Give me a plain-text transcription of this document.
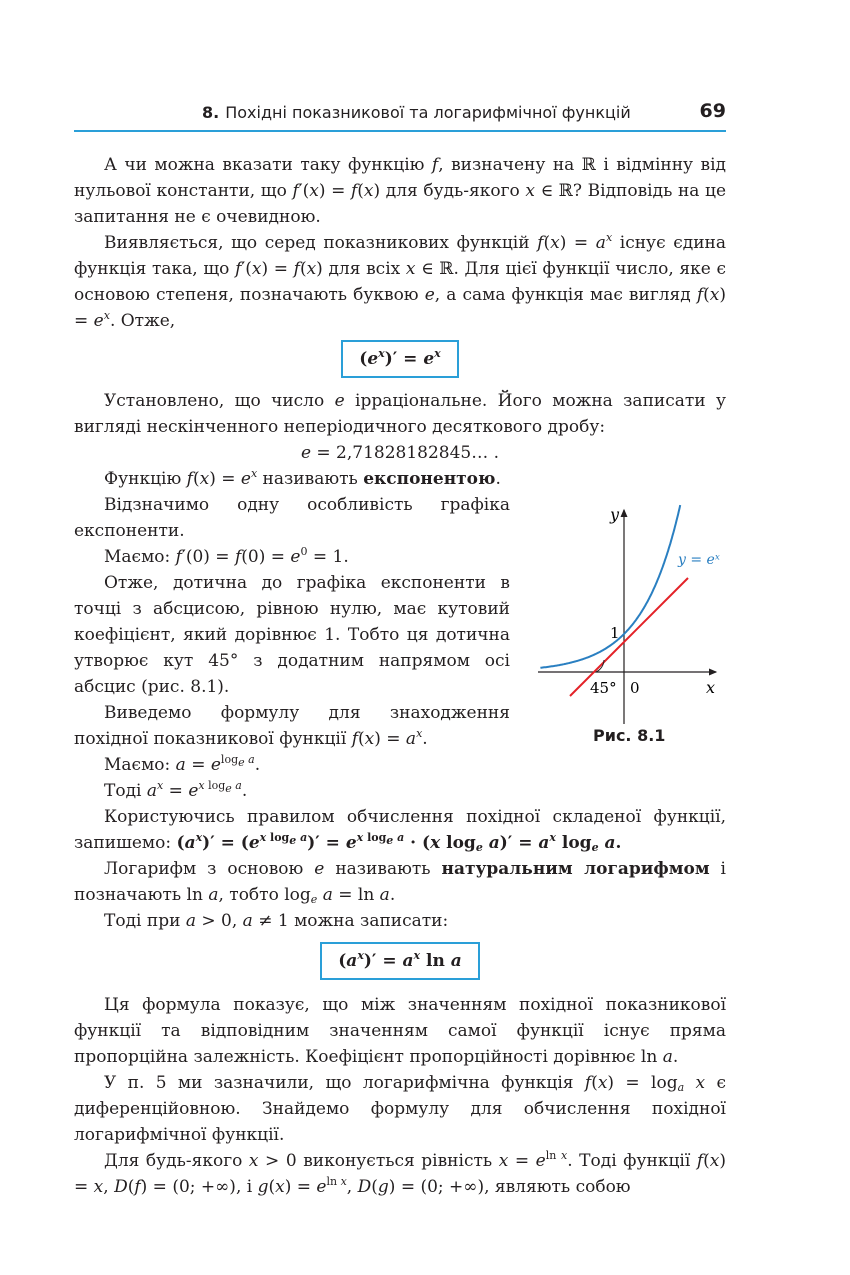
8. Похідні показникової та логарифмічної функцій	69

А чи можна вказати таку функцію f, визначену на ℝ і відмінну від нульової константи, що f′(x) = f(x) для будь-якого x ∈ ℝ? Відповідь на це запитання не є очевидною.

Виявляється, що серед показникових функцій $f(x) = a^x$ існує єдина функція така, що f′(x) = f(x) для всіх x ∈ ℝ. Для цієї функції число, яке є основою степеня, позначають буквою e, а сама функція має вигляд $f(x) = e^x$. Отже,

$(e^x)' = e^x$

Установлено, що число e ірраціональне. Його можна записати у вигляді нескінченного неперіодичного десяткового дробу:

e = 2,71828182845… .

Функцію $f(x) = e^x$ називають експонентою.

Відзначимо одну особливість графіка експоненти.

Маємо: $f'(0) = f(0) = e^0 = 1$.

Отже, дотична до графіка експоненти в точці з абсцисою, рівною нулю, має кутовий коефіцієнт, який дорівнює 1. Тобто ця дотична утворює кут 45° з додатним напрямом осі абсцис (рис. 8.1).

Виведемо формулу для знаходження похідної показникової функції $f(x) = a^x$.

Маємо: $a = e^{log_e a}$.

Тоді $a^x = e^{x log_e a}$.

Користуючись правилом обчислення похідної складеної функції, запишемо: $(a^x)' = (e^{x log_e a})' = e^{x log_e a} \cdot (x$ $\log_e a)' = a^x$ $\log_e a$.

Логарифм з основою e називають натуральним логарифмом і позначають ln a, тобто $\log_e a = \ln a$.

Тоді при a > 0, a ≠ 1 можна записати:

$(a^x)' = a^x$ ln a

Ця формула показує, що між значенням похідної показникової функції та відповідним значенням самої функції існує пряма пропорційна залежність. Коефіцієнт пропорційності дорівнює ln a.

У п. 5 ми зазначили, що логарифмічна функція $f(x) = \log_a x$ є диференційовною. Знайдемо формулу для обчислення похідної логарифмічної функції.

Для будь-якого x > 0 виконується рівність $x = e^{ln x}$. Тоді функції f(x) = x, D(f) = (0; +∞), і $g(x) = e^{ln x}$, D(g) = (0; +∞), являють собою

y
x
y = eˣ
1
0
45°
Рис. 8.1
